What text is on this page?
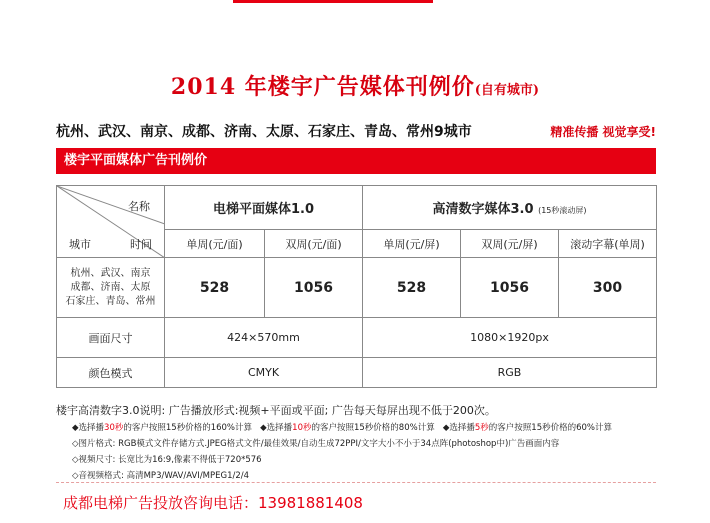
2014 年楼宇广告媒体刊例价(自有城市)
杭州、武汉、南京、成都、济南、太原、石家庄、青岛、常州9城市	精准传播 视觉享受!
楼宇平面媒体广告刊例价
名称
时间
城市	电梯平面媒体1.0		高清数字媒体3.0 (15秒滚动屏)		
	单周(元/面)	双周(元/面)	单周(元/屏)	双周(元/屏)	滚动字幕(单周)

杭州、武汉、南京
成都、济南、太原
石家庄、青岛、常州	528	1056	528	1056	300
画面尺寸	424×570mm		1080×1920px		
颜色模式	CMYK		RGB		
楼宇高清数字3.0说明: 广告播放形式:视频+平面或平面; 广告每天每屏出现不低于200次。
◆选择播30秒的客户按照15秒价格的160%计算 ◆选择播10秒的客户按照15秒价格的80%计算 ◆选择播5秒的客户按照15秒价格的60%计算
◇图片格式: RGB模式文件存储方式.JPEG格式文件/最佳效果/自动生成72PPI/文字大小不小于34点阵(photoshop中)广告画面内容
◇视频尺寸: 长宽比为16:9,像素不得低于720*576
◇音视频格式: 高清MP3/WAV/AVI/MPEG1/2/4
成都电梯广告投放咨询电话：13981881408
